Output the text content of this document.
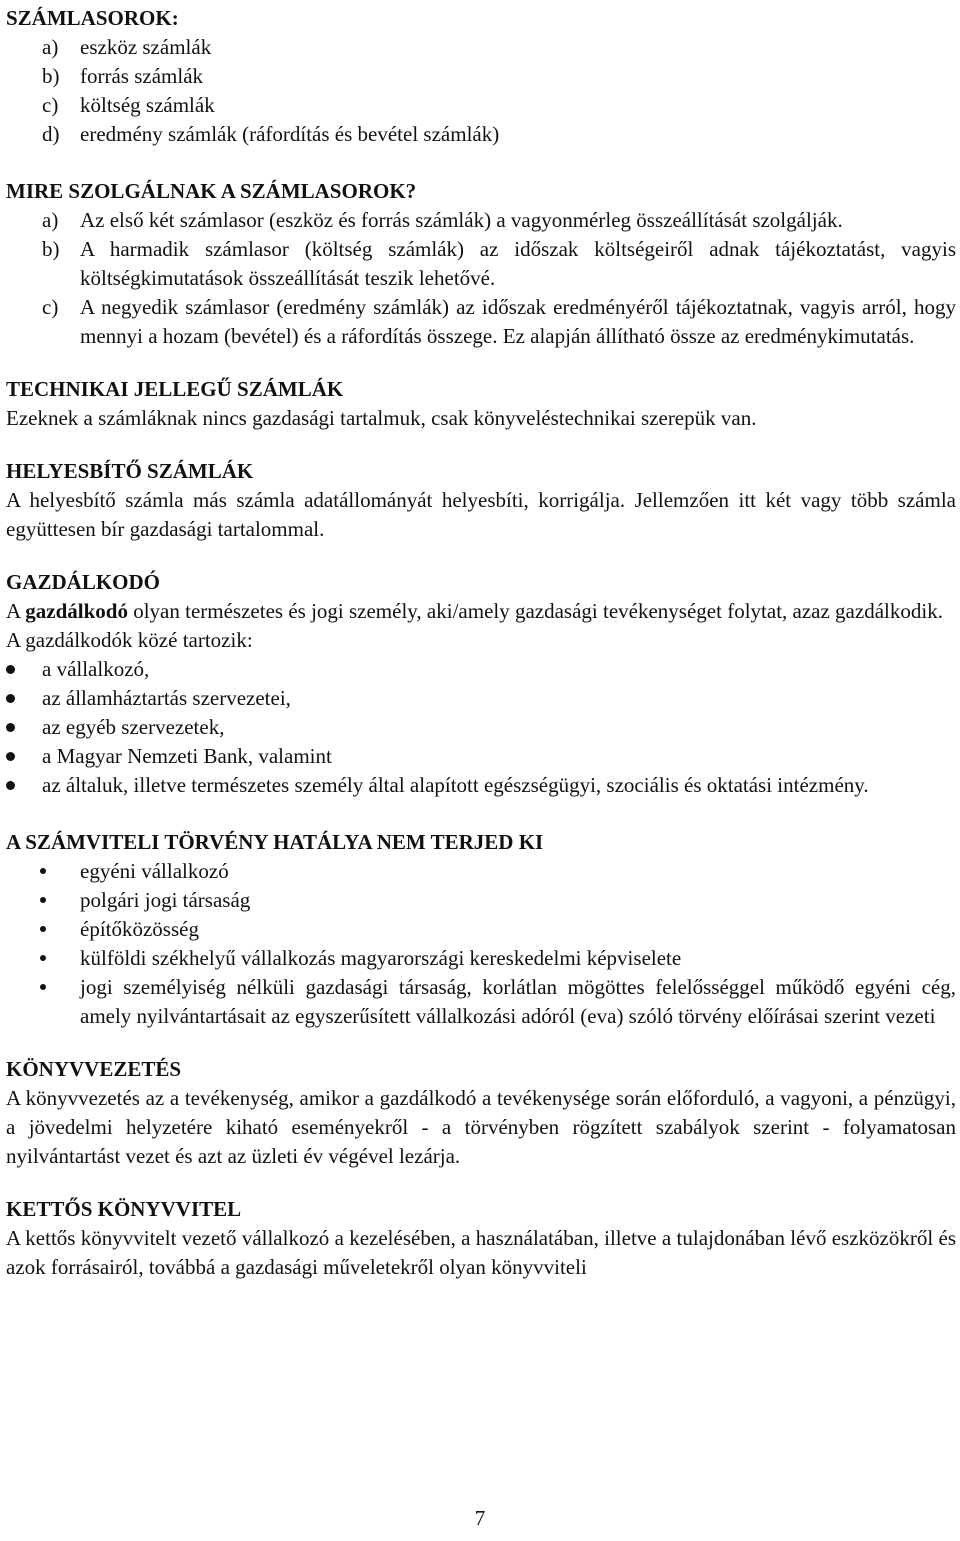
SZÁMLASOROK:
a) eszköz számlák
b) forrás számlák
c) költség számlák
d) eredmény számlák (ráfordítás és bevétel számlák)
MIRE SZOLGÁLNAK A SZÁMLASOROK?
a) Az első két számlasor (eszköz és forrás számlák) a vagyonmérleg összeállítását szolgálják.
b) A harmadik számlasor (költség számlák) az időszak költségeiről adnak tájékoztatást, vagyis költségkimutatások összeállítását teszik lehetővé.
c) A negyedik számlasor (eredmény számlák) az időszak eredményéről tájékoztatnak, vagyis arról, hogy mennyi a hozam (bevétel) és a ráfordítás összege. Ez alapján állítható össze az eredménykimutatás.
TECHNIKAI JELLEGŰ SZÁMLÁK

Ezeknek a számláknak nincs gazdasági tartalmuk, csak könyveléstechnikai szerepük van.

HELYESBÍTŐ SZÁMLÁK

A helyesbítő számla más számla adatállományát helyesbíti, korrigálja. Jellemzően itt két vagy több számla együttesen bír gazdasági tartalommal.

GAZDÁLKODÓ

A gazdálkodó olyan természetes és jogi személy, aki/amely gazdasági tevékenységet folytat, azaz gazdálkodik.

A gazdálkodók közé tartozik:

a vállalkozó,
az államháztartás szervezetei,
az egyéb szervezetek,
a Magyar Nemzeti Bank, valamint
az általuk, illetve természetes személy által alapított egészségügyi, szociális és oktatási intézmény.
A SZÁMVITELI TÖRVÉNY HATÁLYA NEM TERJED KI
egyéni vállalkozó
polgári jogi társaság
építőközösség
külföldi székhelyű vállalkozás magyarországi kereskedelmi képviselete
jogi személyiség nélküli gazdasági társaság, korlátlan mögöttes felelősséggel működő egyéni cég, amely nyilvántartásait az egyszerűsített vállalkozási adóról (eva) szóló törvény előírásai szerint vezeti
KÖNYVVEZETÉS

A könyvvezetés az a tevékenység, amikor a gazdálkodó a tevékenysége során előforduló, a vagyoni, a pénzügyi, a jövedelmi helyzetére kiható eseményekről - a törvényben rögzített szabályok szerint - folyamatosan nyilvántartást vezet és azt az üzleti év végével lezárja.

KETTŐS KÖNYVVITEL

A kettős könyvvitelt vezető vállalkozó a kezelésében, a használatában, illetve a tulajdonában lévő eszközökről és azok forrásairól, továbbá a gazdasági műveletekről olyan könyvviteli

7
